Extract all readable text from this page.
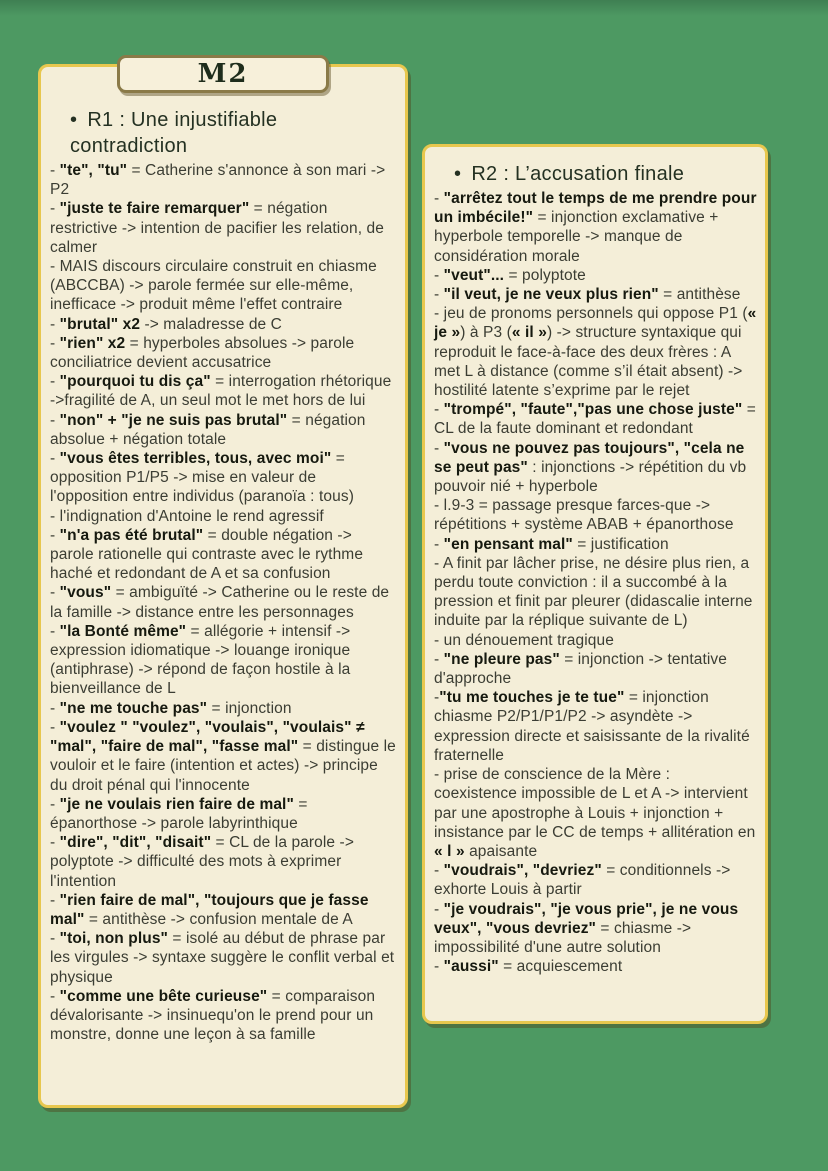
M2
• R1 : Une injustifiable contradiction
- "te", "tu" = Catherine s'annonce à son mari -> P2
- "juste te faire remarquer" = négation restrictive -> intention de pacifier les relation, de calmer
- MAIS discours circulaire construit en chiasme (ABCCBA) -> parole fermée sur elle-même, inefficace -> produit même l'effet contraire
- "brutal" x2 -> maladresse de C
- "rien" x2 = hyperboles absolues -> parole conciliatrice devient accusatrice
- "pourquoi tu dis ça" = interrogation rhétorique ->fragilité de A, un seul mot le met hors de lui
- "non" + "je ne suis pas brutal" = négation absolue + négation totale
- "vous êtes terribles, tous, avec moi" = opposition P1/P5 -> mise en valeur de l'opposition entre individus (paranoïa : tous)
- l'indignation d'Antoine le rend agressif
- "n'a pas été brutal" = double négation -> parole rationelle qui contraste avec le rythme haché et redondant de A et sa confusion
- "vous" = ambiguïté -> Catherine ou le reste de la famille -> distance entre les personnages
- "la Bonté même" = allégorie + intensif -> expression idiomatique -> louange ironique (antiphrase) -> répond de façon hostile à la bienveillance de L
- "ne me touche pas" = injonction
- "voulez " "voulez", "voulais", "voulais" ≠ "mal", "faire de mal", "fasse mal" = distingue le vouloir et le faire (intention et actes) -> principe du droit pénal qui l'innocente
- "je ne voulais rien faire de mal" = épanorthose -> parole labyrinthique
- "dire", "dit", "disait" = CL de la parole -> polyptote -> difficulté des mots à exprimer l'intention
- "rien faire de mal", "toujours que je fasse mal" = antithèse -> confusion mentale de A
- "toi, non plus" = isolé au début de phrase par les virgules -> syntaxe suggère le conflit verbal et physique
- "comme une bête curieuse" = comparaison dévalorisante -> insinuequ'on le prend pour un monstre, donne une leçon à sa famille
• R2 : L’accusation finale
- "arrêtez tout le temps de me prendre pour un imbécile!" = injonction exclamative + hyperbole temporelle -> manque de considération morale
- "veut"... = polyptote
- "il veut, je ne veux plus rien" = antithèse
- jeu de pronoms personnels qui oppose P1 (« je ») à P3 (« il ») -> structure syntaxique qui reproduit le face-à-face des deux frères : A met L à distance (comme s’il était absent) -> hostilité latente s’exprime par le rejet
- "trompé", "faute","pas une chose juste" = CL de la faute dominant et redondant
- "vous ne pouvez pas toujours", "cela ne se peut pas" : injonctions -> répétition du vb pouvoir nié + hyperbole
- l.9-3 = passage presque farces-que -> répétitions + système ABAB + épanorthose
- "en pensant mal" = justification
- A finit par lâcher prise, ne désire plus rien, a perdu toute conviction : il a succombé à la pression et finit par pleurer (didascalie interne induite par la réplique suivante de L)
- un dénouement tragique
- "ne pleure pas" = injonction -> tentative d'approche
-"tu me touches je te tue" = injonction chiasme P2/P1/P1/P2 -> asyndète -> expression directe et saisissante de la rivalité fraternelle
- prise de conscience de la Mère : coexistence impossible de L et A -> intervient par une apostrophe à Louis + injonction + insistance par le CC de temps + allitération en « l » apaisante
- "voudrais", "devriez" = conditionnels -> exhorte Louis à partir
- "je voudrais", "je vous prie", je ne vous veux", "vous devriez" = chiasme -> impossibilité d'une autre solution
- "aussi" = acquiescement
